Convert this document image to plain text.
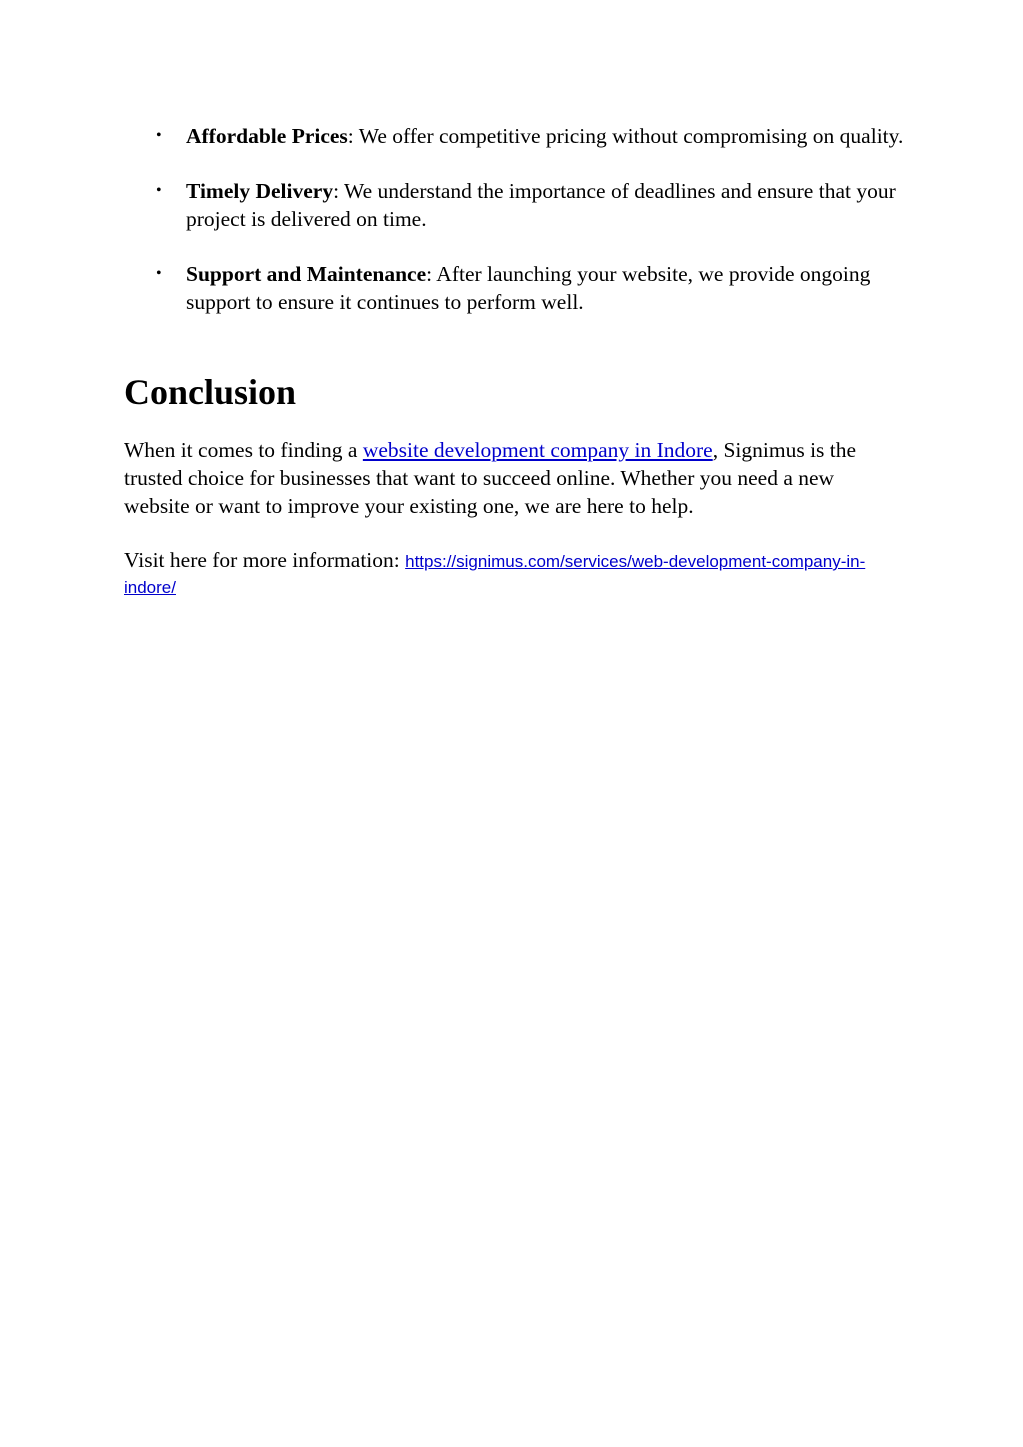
• Affordable Prices: We offer competitive pricing without compromising on quality.
• Timely Delivery: We understand the importance of deadlines and ensure that your project is delivered on time.
• Support and Maintenance: After launching your website, we provide ongoing support to ensure it continues to perform well.
Conclusion

When it comes to finding a website development company in Indore, Signimus is the trusted choice for businesses that want to succeed online. Whether you need a new website or want to improve your existing one, we are here to help.

Visit here for more information: https://signimus.com/services/web-development-company-in-indore/
